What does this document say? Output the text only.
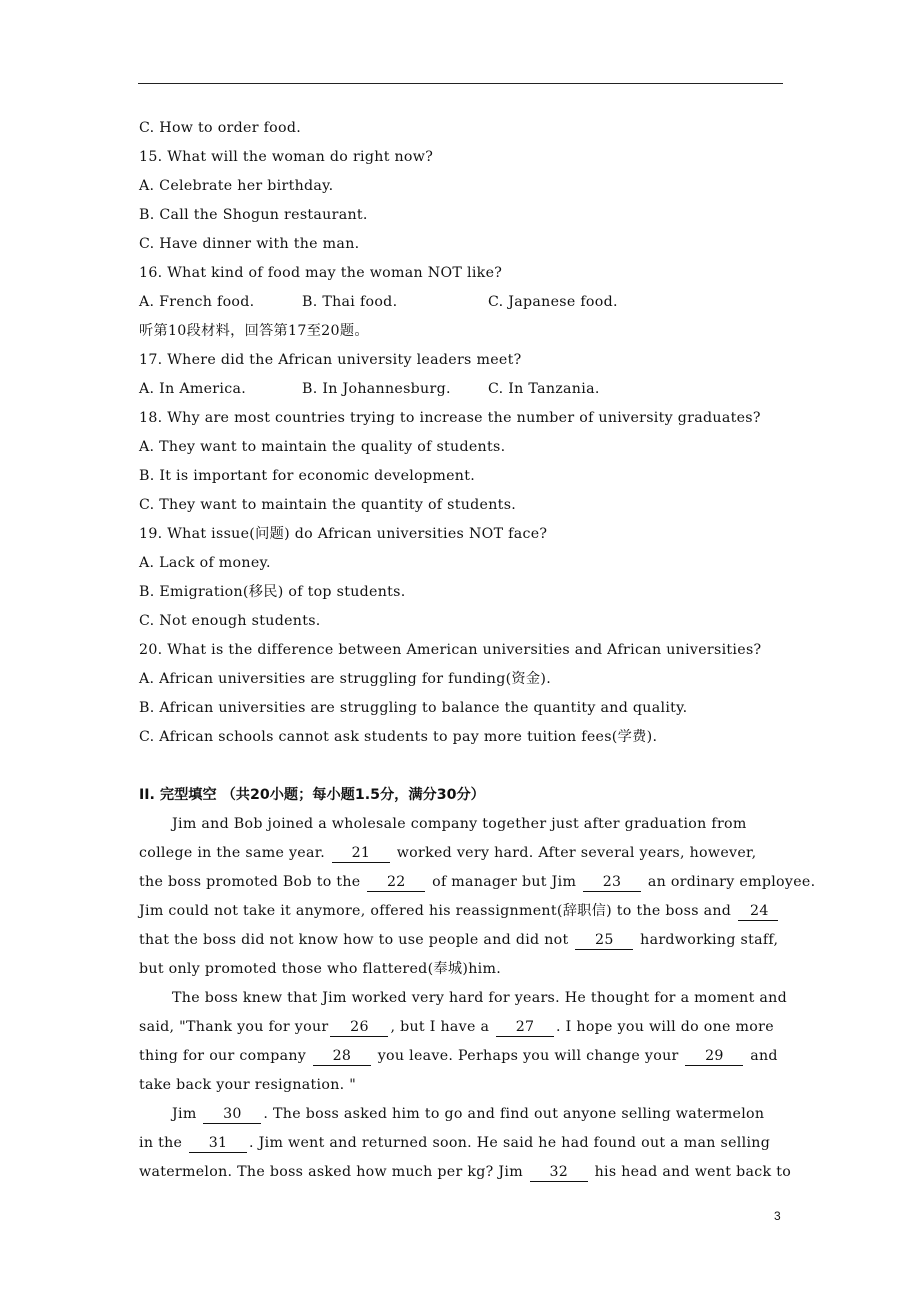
C. How to order food.
15. What will the woman do right now?
A. Celebrate her birthday.
B. Call the Shogun restaurant.
C. Have dinner with the man.
16. What kind of food may the woman NOT like?
A. French food.	B. Thai food.	C. Japanese food.
听第10段材料，回答第17至20题。
17. Where did the African university leaders meet?
A. In America.	B. In Johannesburg.	C. In Tanzania.
18. Why are most countries trying to increase the number of university graduates?
A. They want to maintain the quality of students.
B. It is important for economic development.
C. They want to maintain the quantity of students.
19. What issue(问题) do African universities NOT face?
A. Lack of money.
B. Emigration(移民) of top students.
C. Not enough students.
20. What is the difference between American universities and African universities?
A. African universities are struggling for funding(资金).
B. African universities are struggling to balance the quantity and quality.
C. African schools cannot ask students to pay more tuition fees(学费).
II. 完型填空 （共20小题；每小题1.5分，满分30分）
Jim and Bob joined a wholesale company together just after graduation from
college in the same year. 21 worked very hard. After several years, however,
the boss promoted Bob to the 22 of manager but Jim 23 an ordinary employee.
Jim could not take it anymore, offered his reassignment(辞职信) to the boss and 24
that the boss did not know how to use people and did not 25 hardworking staff,
but only promoted those who flattered(奉城)him.
The boss knew that Jim worked very hard for years. He thought for a moment and
said, "Thank you for your 26 , but I have a 27 . I hope you will do one more
thing for our company 28 you leave. Perhaps you will change your 29 and
take back your resignation. "
Jim 30 . The boss asked him to go and find out anyone selling watermelon
in the 31 . Jim went and returned soon. He said he had found out a man selling
watermelon. The boss asked how much per kg? Jim 32 his head and went back to
3
